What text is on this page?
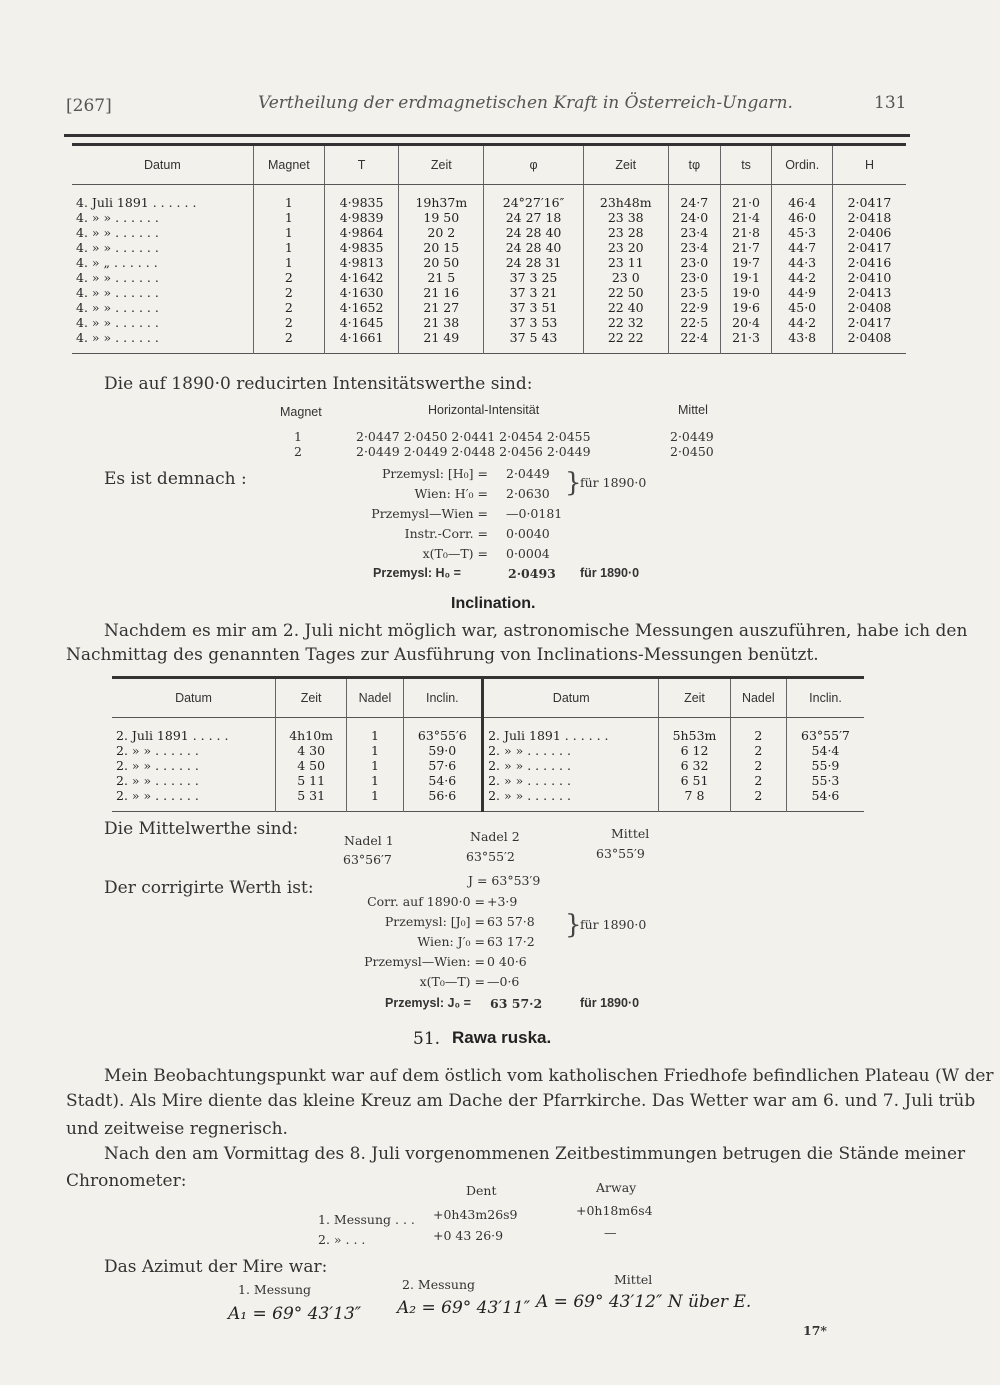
[267]	Vertheilung der erdmagnetischen Kraft in Österreich-Ungarn.	131
Datum	Magnet	T	Zeit	φ	Zeit	tφ	ts	Ordin.	H
4. Juli 1891 . . . . . .	1	4·9835	19h37m	24°27′16″	23h48m	24·7	21·0	46·4	2·0417
4. » » . . . . . .	1	4·9839	19 50	24 27 18	23 38	24·0	21·4	46·0	2·0418
4. » » . . . . . .	1	4·9864	20 2	24 28 40	23 28	23·4	21·8	45·3	2·0406
4. » » . . . . . .	1	4·9835	20 15	24 28 40	23 20	23·4	21·7	44·7	2·0417
4. » „ . . . . . .	1	4·9813	20 50	24 28 31	23 11	23·0	19·7	44·3	2·0416
4. » » . . . . . .	2	4·1642	21 5	37 3 25	23 0	23·0	19·1	44·2	2·0410
4. » » . . . . . .	2	4·1630	21 16	37 3 21	22 50	23·5	19·0	44·9	2·0413
4. » » . . . . . .	2	4·1652	21 27	37 3 51	22 40	22·9	19·6	45·0	2·0408
4. » » . . . . . .	2	4·1645	21 38	37 3 53	22 32	22·5	20·4	44·2	2·0417
4. » » . . . . . .	2	4·1661	21 49	37 5 43	22 22	22·4	21·3	43·8	2·0408
Die auf 1890·0 reducirten Intensitätswerthe sind:
Magnet	Horizontal-Intensität	Mittel
1	2·0447 2·0450 2·0441 2·0454 2·0455	2·0449
2	2·0449 2·0449 2·0448 2·0456 2·0449	2·0450
Es ist demnach :	Przemysl: [H₀] = 2·0449
Wien: H′₀ = 2·0630
Przemysl—Wien = —0·0181
Instr.-Corr. = 0·0040
x(T₀—T) = 0·0004
}
für 1890·0
Przemysl: H₀ =	2·0493 für 1890·0
Inclination.
Nachdem es mir am 2. Juli nicht möglich war, astronomische Messungen auszuführen, habe ich den
Nachmittag des genannten Tages zur Ausführung von Inclinations-Messungen benützt.
Datum	Zeit	Nadel	Inclin.	Datum	Zeit	Nadel	Inclin.
2. Juli 1891 . . . . .	4h10m	1	63°55′6	2. Juli 1891 . . . . . .	5h53m	2	63°55′7
2. » » . . . . . .	4 30	1	59·0	2. » » . . . . . .	6 12	2	54·4
2. » » . . . . . .	4 50	1	57·6	2. » » . . . . . .	6 32	2	55·9
2. » » . . . . . .	5 11	1	54·6	2. » » . . . . . .	6 51	2	55·3
2. » » . . . . . .	5 31	1	56·6	2. » » . . . . . .	7 8	2	54·6
Die Mittelwerthe sind:
Nadel 1
63°56′7
Nadel 2
63°55′2
Mittel
63°55′9
Der corrigirte Werth ist:	J = 63°53′9
Corr. auf 1890·0 = +3·9
Przemysl: [J₀] = 63 57·8
Wien: J′₀ = 63 17·2
Przemysl—Wien: = 0 40·6
x(T₀—T) = —0·6
}
für 1890·0
Przemysl: J₀ = 63 57·2	für 1890·0
51. Rawa ruska.
Mein Beobachtungspunkt war auf dem östlich vom katholischen Friedhofe befindlichen Plateau (W der
Stadt). Als Mire diente das kleine Kreuz am Dache der Pfarrkirche. Das Wetter war am 6. und 7. Juli trüb
und zeitweise regnerisch.
Nach den am Vormittag des 8. Juli vorgenommenen Zeitbestimmungen betrugen die Stände meiner
Chronometer:	Dent	Arway
1. Messung . . . +0h43m26s9	+0h18m6s4
2. » . . .	+0 43 26·9	—
Das Azimut der Mire war:
1. Messung
A₁ = 69° 43′13″
2. Messung
A₂ = 69° 43′11″
Mittel
A = 69° 43′12″ N über E.
17*
